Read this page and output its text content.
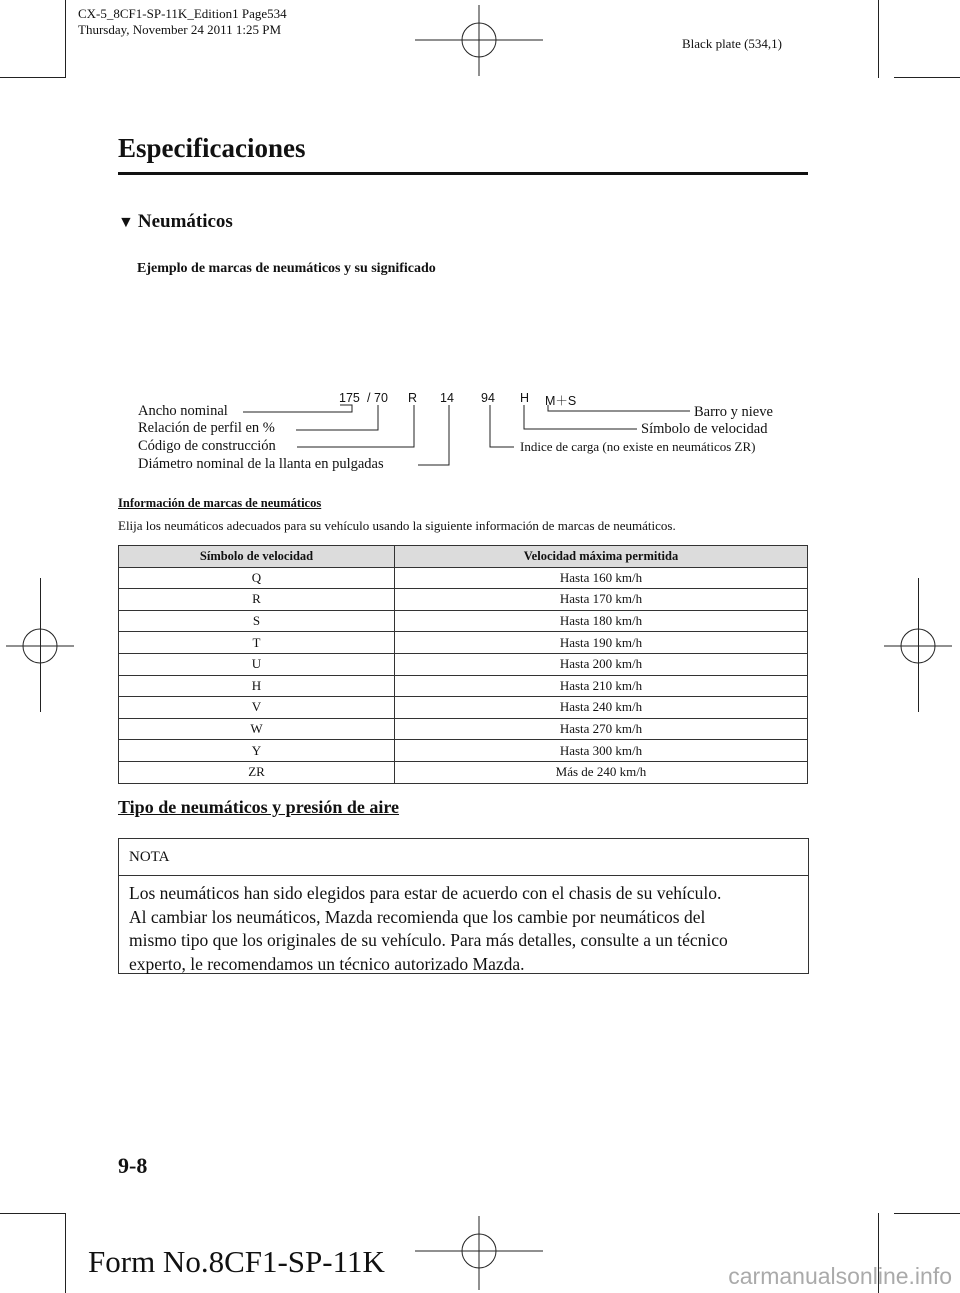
CX-5_8CF1-SP-11K_Edition1 Page534
Thursday, November 24 2011 1:25 PM
Black plate (534,1)
Especificaciones
▼ Neumáticos
Ejemplo de marcas de neumáticos y su significado
175 / 70 R 14 94 H M＋S
Ancho nominal
Relación de perfil en %
Código de construcción
Diámetro nominal de la llanta en pulgadas
Barro y nieve
Símbolo de velocidad
Indice de carga (no existe en neumáticos ZR)
Información de marcas de neumáticos
Elija los neumáticos adecuados para su vehículo usando la siguiente información de marcas de neumáticos.
Símbolo de velocidad	Velocidad máxima permitida
Q	Hasta 160 km/h
R	Hasta 170 km/h
S	Hasta 180 km/h
T	Hasta 190 km/h
U	Hasta 200 km/h
H	Hasta 210 km/h
V	Hasta 240 km/h
W	Hasta 270 km/h
Y	Hasta 300 km/h
ZR	Más de 240 km/h
Tipo de neumáticos y presión de aire
NOTA
Los neumáticos han sido elegidos para estar de acuerdo con el chasis de su vehículo.
Al cambiar los neumáticos, Mazda recomienda que los cambie por neumáticos del
mismo tipo que los originales de su vehículo. Para más detalles, consulte a un técnico
experto, le recomendamos un técnico autorizado Mazda.
9-8
Form No.8CF1-SP-11K	carmanualsonline.info
